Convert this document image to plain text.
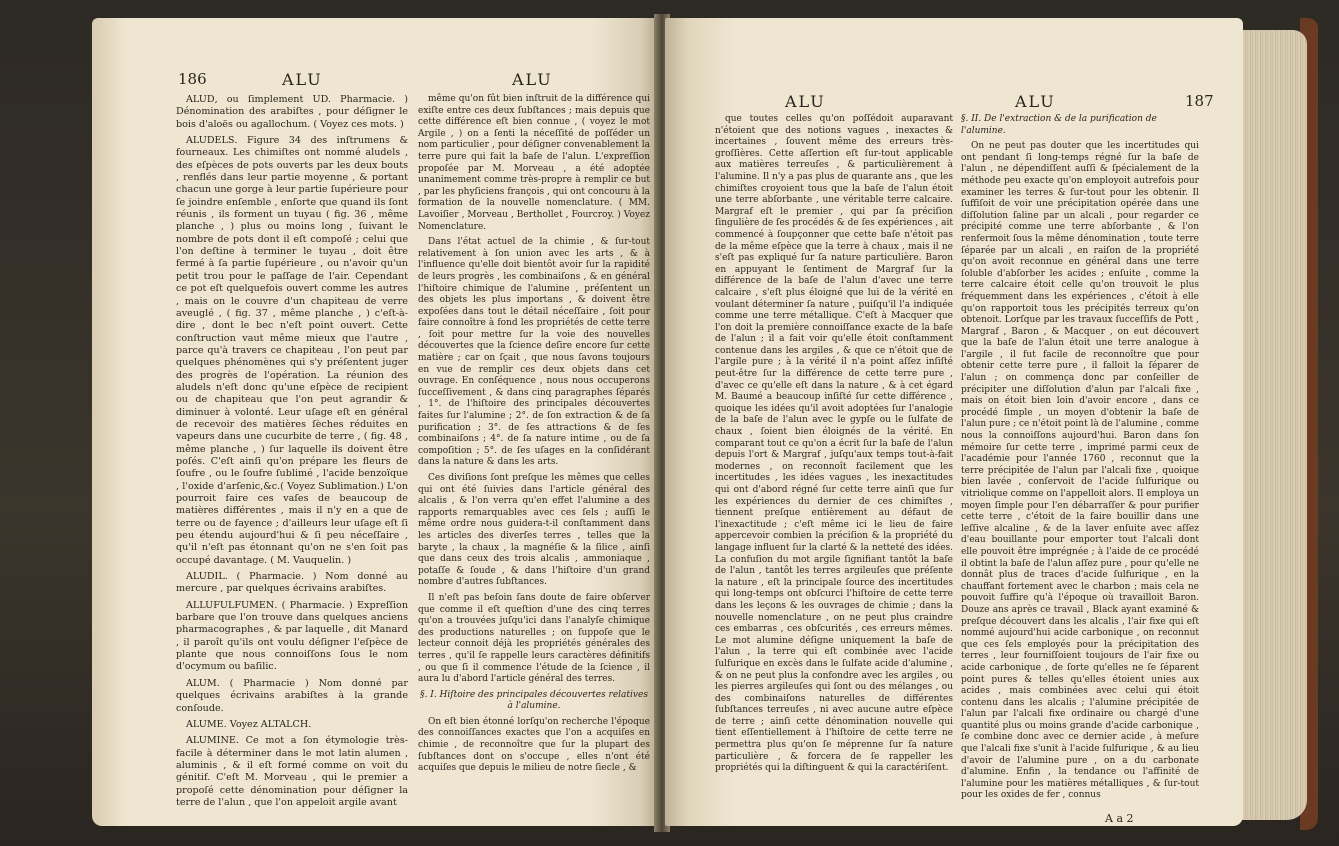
186	ALU	ALU

ALUD, ou ſimplement UD. Pharmacie. ) Dénomination des arabiſtes , pour déſigner le bois d'aloës ou agallochum. ( Voyez ces mots. )

ALUDELS. Figure 34 des inſtrumens & fourneaux. Les chimiſtes ont nommé aludels , des eſpèces de pots ouverts par les deux bouts , renflés dans leur partie moyenne , & portant chacun une gorge à leur partie ſupérieure pour ſe joindre enſemble , enſorte que quand ils ſont réunis , ils forment un tuyau ( fig. 36 , même planche , ) plus ou moins long , ſuivant le nombre de pots dont il eſt compoſé ; celui que l'on deſtine à terminer le tuyau , doit être fermé à ſa partie ſupérieure , ou n'avoir qu'un petit trou pour le paſſage de l'air. Cependant ce pot eſt quelquefois ouvert comme les autres , mais on le couvre d'un chapiteau de verre aveuglé , ( fig. 37 , même planche , ) c'eſt-à-dire , dont le bec n'eſt point ouvert. Cette conſtruction vaut même mieux que l'autre , parce qu'à travers ce chapiteau , l'on peut par quelques phénomènes qui s'y préſentent juger des progrès de l'opération. La réunion des aludels n'eſt donc qu'une eſpèce de recipient ou de chapiteau que l'on peut agrandir & diminuer à volonté. Leur uſage eſt en général de recevoir des matières ſèches réduites en vapeurs dans une cucurbite de terre , ( fig. 48 , même planche , ) ſur laquelle ils doivent être poſés. C'eſt ainſi qu'on prépare les fleurs de ſoufre , ou le ſoufre ſublimé , l'acide benzoïque , l'oxide d'arſenic,&c.( Voyez Sublimation.) L'on pourroit faire ces vaſes de beaucoup de matières différentes , mais il n'y en a que de terre ou de fayence ; d'ailleurs leur uſage eſt ſi peu étendu aujourd'hui & ſi peu néceſſaire , qu'il n'eſt pas étonnant qu'on ne s'en ſoit pas occupé davantage. ( M. Vauquelin. )

ALUDIL. ( Pharmacie. ) Nom donné au mercure , par quelques écrivains arabiſtes.

ALLUFULFUMEN. ( Pharmacie. ) Expreſſion barbare que l'on trouve dans quelques anciens pharmacographes , & par laquelle , dit Manard , il paroît qu'ils ont voulu déſigner l'eſpèce de plante que nous connoiſſons ſous le nom d'ocymum ou baſilic.

ALUM. ( Pharmacie ) Nom donné par quelques écrivains arabiſtes à la grande conſoude.

ALUME. Voyez ALTALCH.

ALUMINE. Ce mot a ſon étymologie très-facile à déterminer dans le mot latin alumen , aluminis , & il eſt formé comme on voit du génitif. C'eſt M. Morveau , qui le premier a propoſé cette dénomination pour déſigner la terre de l'alun , que l'on appeloit argile avant

même qu'on fût bien inſtruit de la différence qui exiſte entre ces deux ſubſtances ; mais depuis que cette différence eſt bien connue , ( voyez le mot Argile , ) on a ſenti la néceſſité de poſſéder un nom particulier , pour déſigner convenablement la terre pure qui fait la baſe de l'alun. L'expreſſion propoſée par M. Morveau , a été adoptée unanimement comme très-propre à remplir ce but , par les phyſiciens françois , qui ont concouru à la formation de la nouvelle nomenclature. ( MM. Lavoiſier , Morveau , Berthollet , Fourcroy. ) Voyez Nomenclature.

Dans l'état actuel de la chimie , & ſur-tout relativement à ſon union avec les arts , & à l'influence qu'elle doit bientôt avoir ſur la rapidité de leurs progrès , les combinaiſons , & en général l'hiſtoire chimique de l'alumine , préſentent un des objets les plus importans , & doivent être expoſées dans tout le détail néceſſaire , ſoit pour faire connoître à fond les propriétés de cette terre , ſoit pour mettre ſur la voie des nouvelles découvertes que la ſcience deſire encore ſur cette matière ; car on ſçait , que nous ſavons toujours en vue de remplir ces deux objets dans cet ouvrage. En conſéquence , nous nous occuperons ſucceſſivement , & dans cinq paragraphes ſéparés , 1°. de l'hiſtoire des principales découvertes faites ſur l'alumine ; 2°. de ſon extraction & de ſa purification ; 3°. de ſes attractions & de ſes combinaiſons ; 4°. de ſa nature intime , ou de ſa compoſition ; 5°. de ſes uſages en la conſidérant dans la nature & dans les arts.

Ces diviſions ſont preſque les mêmes que celles qui ont été ſuivies dans l'article général des alcalis , & l'on verra qu'en effet l'alumine a des rapports remarquables avec ces ſels ; auſſi le même ordre nous guidera-t-il conſtamment dans les articles des diverſes terres , telles que la baryte , la chaux , la magnéſie & la ſilice , ainſi que dans ceux des trois alcalis , ammoniaque , potaſſe & ſoude , & dans l'hiſtoire d'un grand nombre d'autres ſubſtances.

Il n'eſt pas beſoin ſans doute de faire obſerver que comme il eſt queſtion d'une des cinq terres qu'on a trouvées juſqu'ici dans l'analyſe chimique des productions naturelles ; on ſuppoſe que le lecteur connoit déjà les propriétés générales des terres , qu'il ſe rappelle leurs caractères définitifs , ou que ſi il commence l'étude de la ſcience , il aura lu d'abord l'article général des terres.

§. I. Hiſtoire des principales découvertes relatives à l'alumine.

On eſt bien étonné lorſqu'on recherche l'époque des connoiſſances exactes que l'on a acquiſes en chimie , de reconnoître que ſur la plupart des ſubſtances dont on s'occupe , elles n'ont été acquiſes que depuis le milieu de notre ſiecle , &

ALU	ALU	187

que toutes celles qu'on poſſédoit auparavant n'étoient que des notions vagues , inexactes & incertaines , ſouvent même des erreurs très-groſſières. Cette aſſertion eſt ſur-tout applicable aux matières terreuſes , & particulièrement à l'alumine. Il n'y a pas plus de quarante ans , que les chimiſtes croyoient tous que la baſe de l'alun étoit une terre abſorbante , une véritable terre calcaire. Margraf eſt le premier , qui par ſa préciſion ſingulière de ſes procédés & de ſes expériences , ait commencé à ſoupçonner que cette baſe n'étoit pas de la même eſpèce que la terre à chaux , mais il ne s'eſt pas expliqué ſur ſa nature particulière. Baron en appuyant le ſentiment de Margraf ſur la différence de la baſe de l'alun d'avec une terre calcaire , s'eſt plus éloigné que lui de la vérité en voulant déterminer ſa nature , puiſqu'il l'a indiquée comme une terre métallique. C'eſt à Macquer que l'on doit la première connoiſſance exacte de la baſe de l'alun ; il a fait voir qu'elle étoit conſtamment contenue dans les argiles , & que ce n'étoit que de l'argile pure ; à la vérité il n'a point aſſez inſiſté peut-être ſur la différence de cette terre pure , d'avec ce qu'elle eſt dans la nature , & à cet égard M. Baumé a beaucoup inſiſté ſur cette différence , quoique les idées qu'il avoit adoptées ſur l'analogie de la baſe de l'alun avec le gypſe ou le ſulfate de chaux , ſoient bien éloignés de la vérité. En comparant tout ce qu'on a écrit ſur la baſe de l'alun depuis l'ort & Margraf , juſqu'aux temps tout-à-fait modernes , on reconnoît facilement que les incertitudes , les idées vagues , les inexactitudes qui ont d'abord régné ſur cette terre ainſi que ſur les expériences du dernier de ces chimiſtes , tiennent preſque entièrement au défaut de l'inexactitude ; c'eſt même ici le lieu de faire appercevoir combien la préciſion & la propriété du langage influent ſur la clarté & la netteté des idées. La confuſion du mot argile ſignifiant tantôt la baſe de l'alun , tantôt les terres argileuſes que préſente la nature , eſt la principale ſource des incertitudes qui long-temps ont obſcurci l'hiſtoire de cette terre dans les leçons & les ouvrages de chimie ; dans la nouvelle nomenclature , on ne peut plus craindre ces embarras , ces obſcurités , ces erreurs mêmes. Le mot alumine déſigne uniquement la baſe de l'alun , la terre qui eſt combinée avec l'acide ſulfurique en excès dans le ſulfate acide d'alumine , & on ne peut plus la confondre avec les argiles , ou les pierres argileuſes qui ſont ou des mélanges , ou des combinaiſons naturelles de différentes ſubſtances terreuſes , ni avec aucune autre eſpèce de terre ; ainſi cette dénomination nouvelle qui tient eſſentiellement à l'hiſtoire de cette terre ne permettra plus qu'on ſe méprenne ſur ſa nature particulière , & forcera de ſe rappeller les propriétés qui la diſtinguent & qui la caractériſent.

§. II. De l'extraction & de la purification de l'alumine.

On ne peut pas douter que les incertitudes qui ont pendant ſi long-temps régné ſur la baſe de l'alun , ne dépendiſſent auſſi & ſpécialement de la méthode peu exacte qu'on employoit autrefois pour examiner les terres & ſur-tout pour les obtenir. Il ſuffiſoit de voir une précipitation opérée dans une diſſolution ſaline par un alcali , pour regarder ce précipité comme une terre abſorbante , & l'on renfermoit ſous la même dénomination , toute terre ſéparée par un alcali , en raiſon de la propriété qu'on avoit reconnue en général dans une terre ſoluble d'abſorber les acides ; enſuite , comme la terre calcaire étoit celle qu'on trouvoit le plus fréquemment dans les expériences , c'étoit à elle qu'on rapportoit tous les précipités terreux qu'on obtenoit. Lorſque par les travaux ſucceſſifs de Pott , Margraf , Baron , & Macquer , on eut découvert que la baſe de l'alun étoit une terre analogue à l'argile , il fut facile de reconnoître que pour obtenir cette terre pure , il falloit la ſéparer de l'alun ; on commença donc par conſeiller de précipiter une diſſolution d'alun par l'alcali fixe , mais on étoit bien loin d'avoir encore , dans ce procédé ſimple , un moyen d'obtenir la baſe de l'alun pure ; ce n'étoit point là de l'alumine , comme nous la connoiſſons aujourd'hui. Baron dans ſon mémoire ſur cette terre , imprimé parmi ceux de l'académie pour l'année 1760 , reconnut que la terre précipitée de l'alun par l'alcali fixe , quoique bien lavée , conſervoit de l'acide ſulfurique ou vitriolique comme on l'appelloit alors. Il employa un moyen ſimple pour l'en débarraſſer & pour purifier cette terre , c'étoit de la faire bouillir dans une leſſive alcaline , & de la laver enſuite avec aſſez d'eau bouillante pour emporter tout l'alcali dont elle pouvoit être imprégnée ; à l'aide de ce procédé il obtint la baſe de l'alun aſſez pure , pour qu'elle ne donnât plus de traces d'acide ſulfurique , en la chauffant fortement avec le charbon ; mais cela ne pouvoit ſuffire qu'à l'époque où travailloit Baron. Douze ans après ce travail , Black ayant examiné & preſque découvert dans les alcalis , l'air fixe qui eſt nommé aujourd'hui acide carbonique , on reconnut que ces ſels employés pour la précipitation des terres , leur fourniſſoient toujours de l'air fixe ou acide carbonique , de ſorte qu'elles ne ſe ſéparent point pures & telles qu'elles étoient unies aux acides , mais combinées avec celui qui étoit contenu dans les alcalis ; l'alumine précipitée de l'alun par l'alcali fixe ordinaire ou chargé d'une quantité plus ou moins grande d'acide carbonique , ſe combine donc avec ce dernier acide , à meſure que l'alcali fixe s'unit à l'acide ſulfurique , & au lieu d'avoir de l'alumine pure , on a du carbonate d'alumine. Enfin , la tendance ou l'affinité de l'alumine pour les matières métalliques , & ſur-tout pour les oxides de fer , connus

A a 2
